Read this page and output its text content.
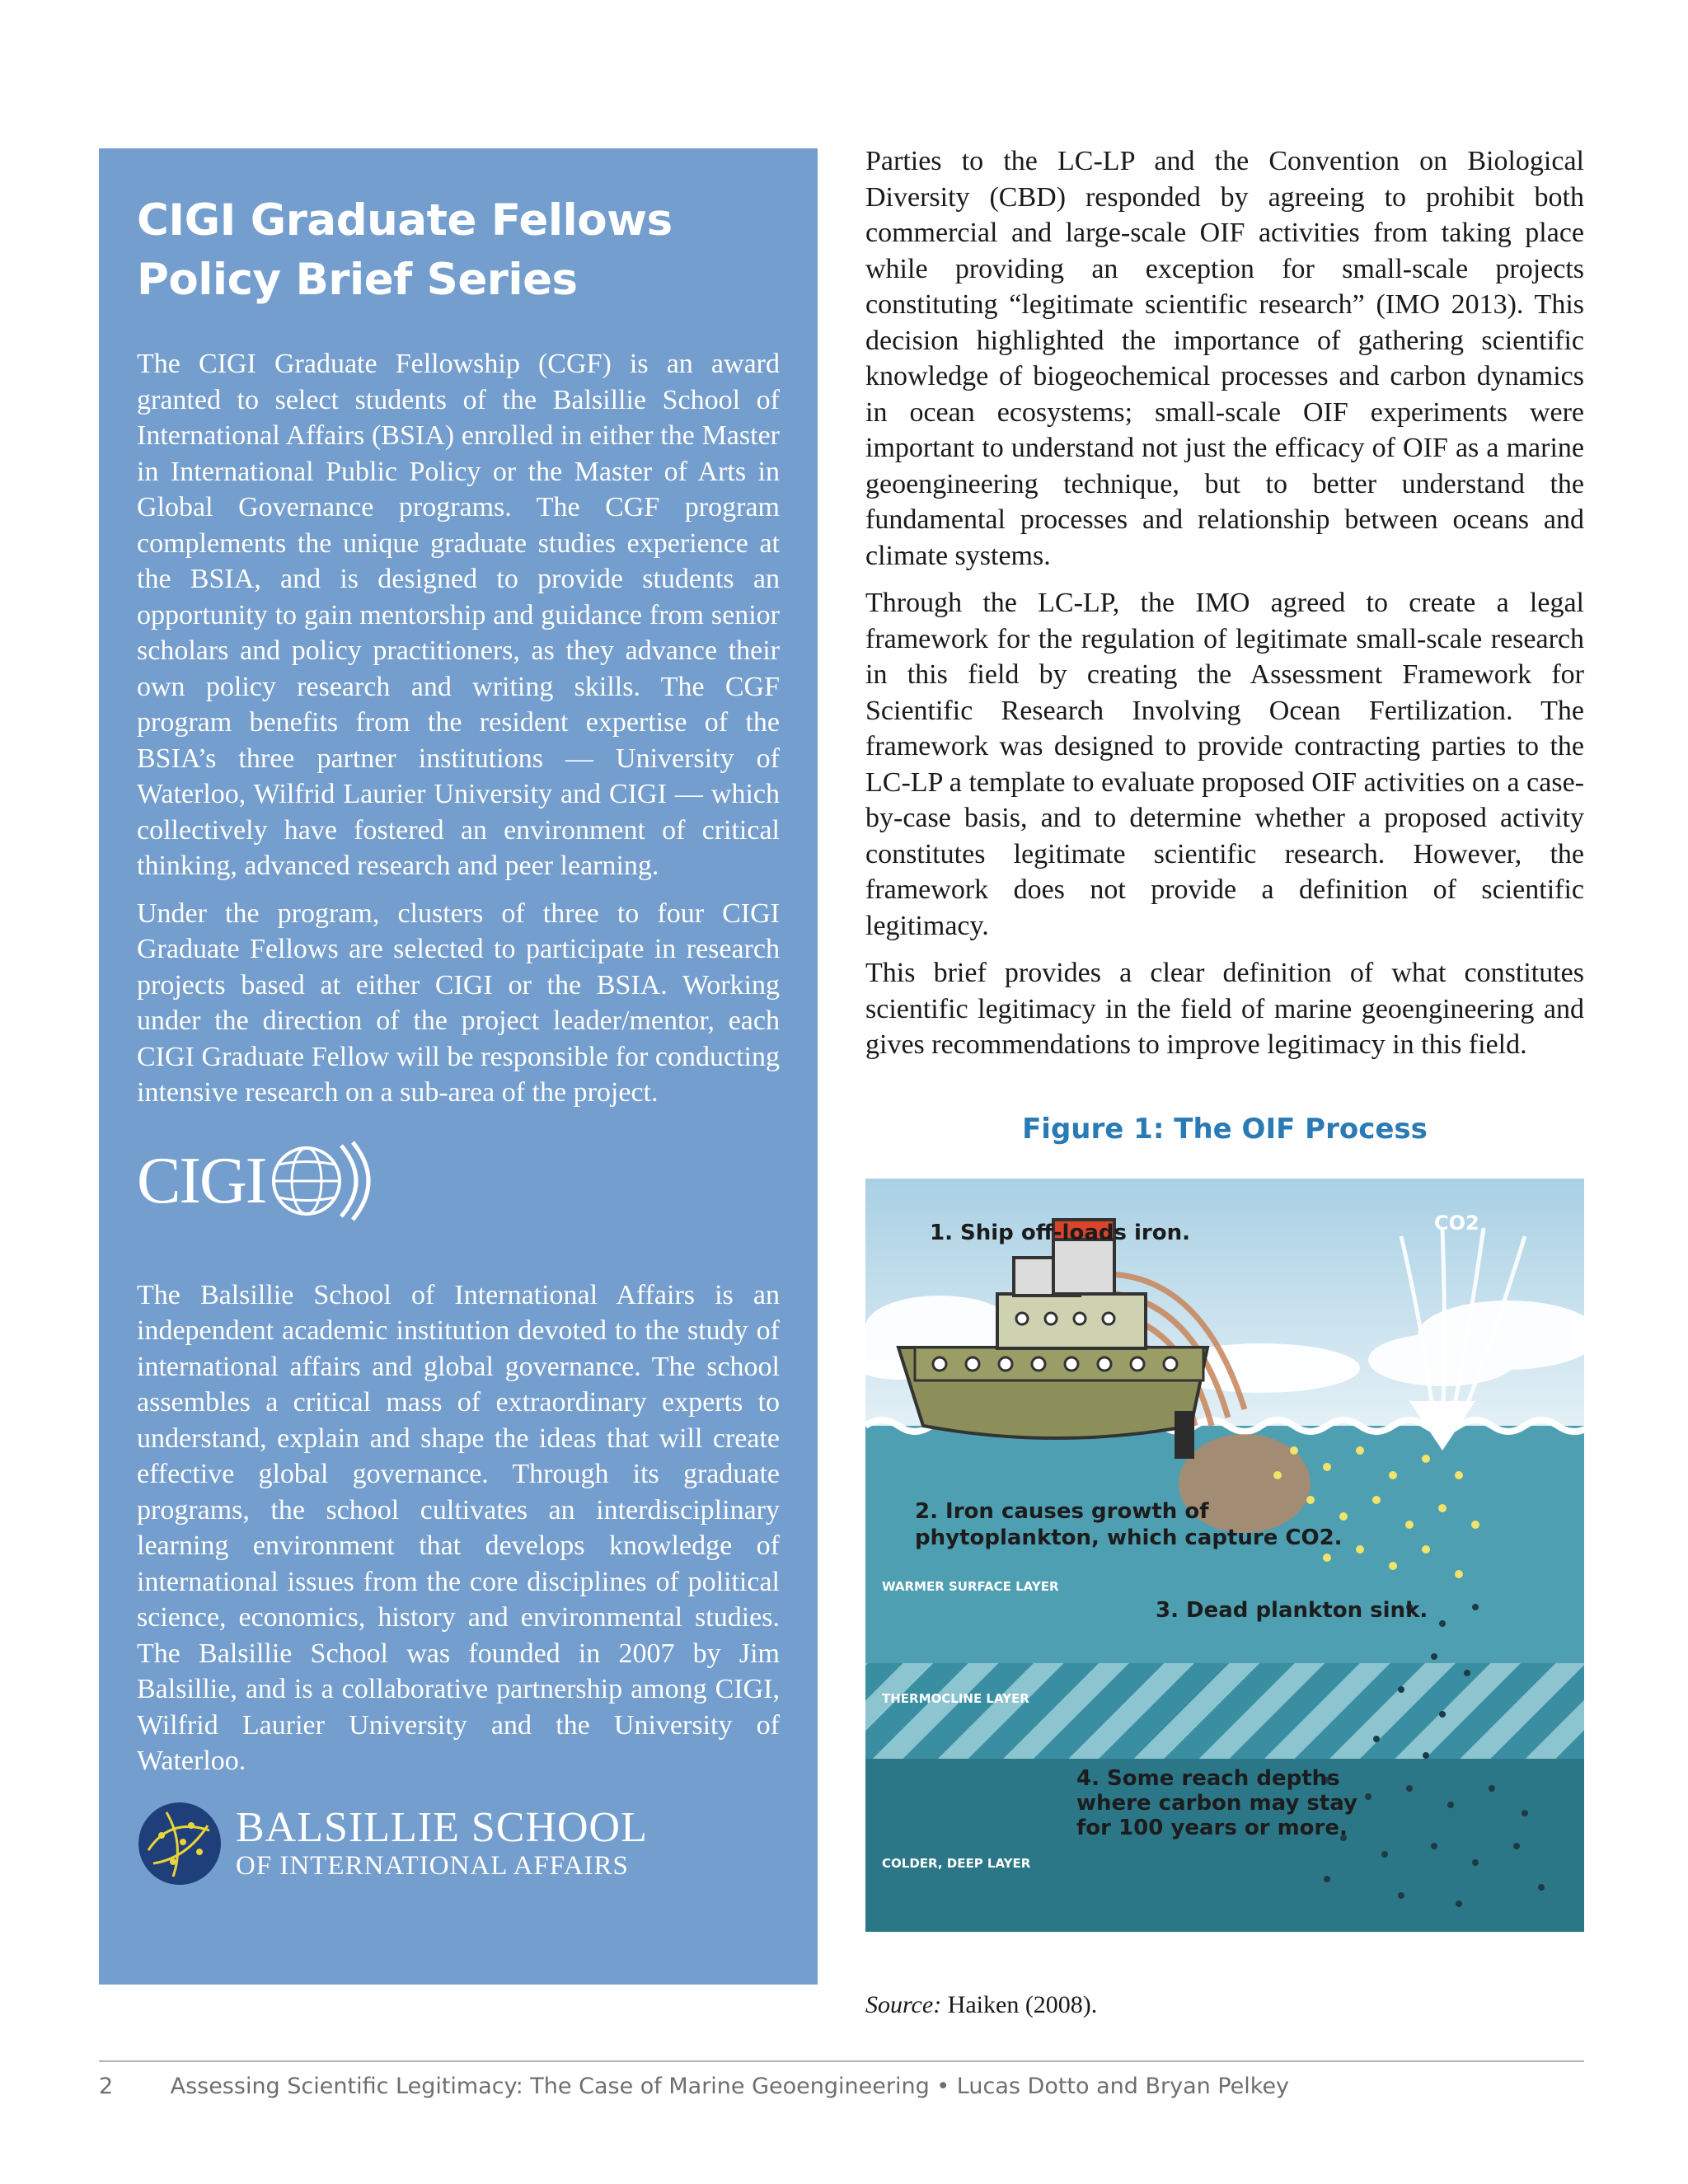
CIGI Graduate Fellows
Policy Brief Series

The CIGI Graduate Fellowship (CGF) is an award granted to select students of the Balsillie School of International Affairs (BSIA) enrolled in either the Master in International Public Policy or the Master of Arts in Global Governance programs. The CGF program complements the unique graduate studies experience at the BSIA, and is designed to provide students an opportunity to gain mentorship and guidance from senior scholars and policy practitioners, as they advance their own policy research and writing skills. The CGF program benefits from the resident expertise of the BSIA’s three partner institutions — University of Waterloo, Wilfrid Laurier University and CIGI — which collectively have fostered an environment of critical thinking, advanced research and peer learning.

Under the program, clusters of three to four CIGI Graduate Fellows are selected to participate in research projects based at either CIGI or the BSIA. Working under the direction of the project leader/mentor, each CIGI Graduate Fellow will be responsible for conducting intensive research on a sub-area of the project.

CIGI

The Balsillie School of International Affairs is an independent academic institution devoted to the study of international affairs and global governance. The school assembles a critical mass of extraordinary experts to understand, explain and shape the ideas that will create effective global governance. Through its graduate programs, the school cultivates an interdisciplinary learning environment that develops knowledge of international issues from the core disciplines of political science, economics, history and environmental studies. The Balsillie School was founded in 2007 by Jim Balsillie, and is a collaborative partnership among CIGI, Wilfrid Laurier University and the University of Waterloo.

BALSILLIE SCHOOL
OF INTERNATIONAL AFFAIRS

Parties to the LC-LP and the Convention on Biological Diversity (CBD) responded by agreeing to prohibit both commercial and large-scale OIF activities from taking place while providing an exception for small-scale projects constituting “legitimate scientific research” (IMO 2013). This decision highlighted the importance of gathering scientific knowledge of biogeochemical processes and carbon dynamics in ocean ecosystems; small-scale OIF experiments were important to understand not just the efficacy of OIF as a marine geoengineering technique, but to better understand the fundamental processes and relationship between oceans and climate systems.

Through the LC-LP, the IMO agreed to create a legal framework for the regulation of legitimate small-scale research in this field by creating the Assessment Framework for Scientific Research Involving Ocean Fertilization. The framework was designed to provide contracting parties to the LC-LP a template to evaluate proposed OIF activities on a case-by-case basis, and to determine whether a proposed activity constitutes legitimate scientific research. However, the framework does not provide a definition of scientific legitimacy.

This brief provides a clear definition of what constitutes scientific legitimacy in the field of marine geoengineering and gives recommendations to improve legitimacy in this field.

Figure 1: The OIF Process
CO2
1. Ship off-loads iron.
2. Iron causes growth of
phytoplankton, which capture CO2.
WARMER SURFACE LAYER
3. Dead plankton sink.
THERMOCLINE LAYER
4. Some reach depths
where carbon may stay
for 100 years or more.
COLDER, DEEP LAYER

Source: Haiken (2008).

2	Assessing Scientific Legitimacy: The Case of Marine Geoengineering • Lucas Dotto and Bryan Pelkey
